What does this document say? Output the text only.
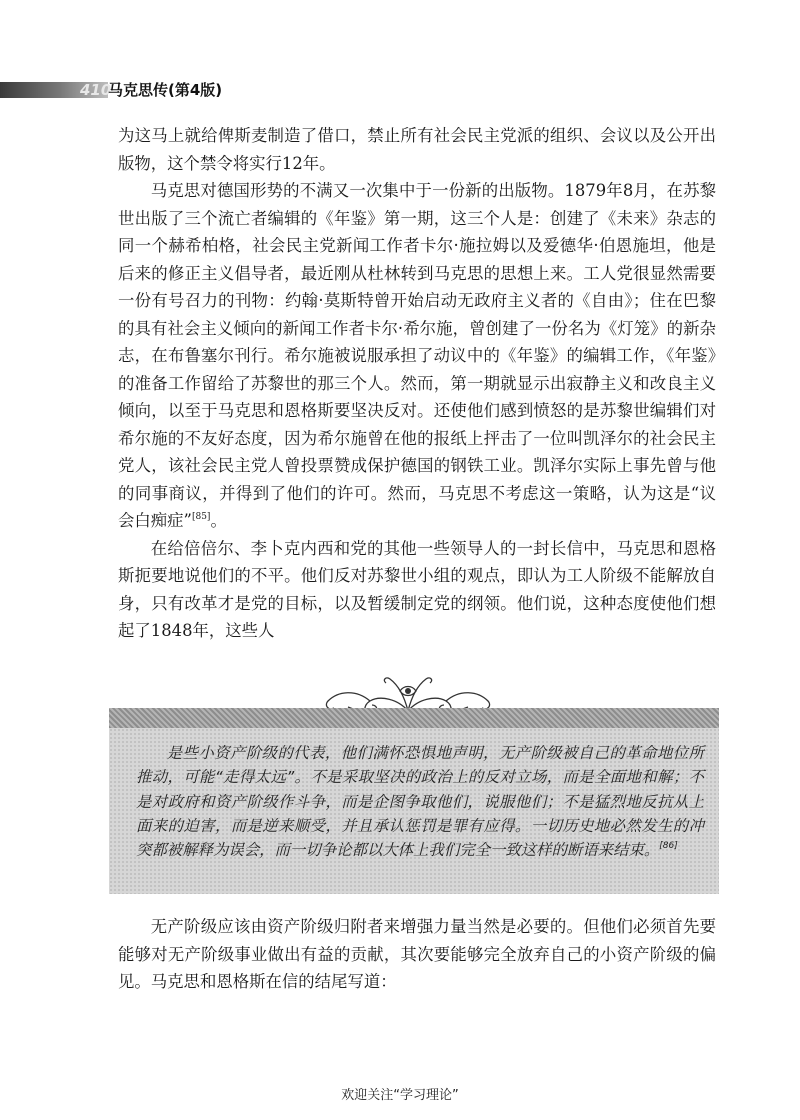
410
马克思传(第4版)

为这马上就给俾斯麦制造了借口，禁止所有社会民主党派的组织、会议以及公开出版物，这个禁令将实行12年。

马克思对德国形势的不满又一次集中于一份新的出版物。1879年8月，在苏黎世出版了三个流亡者编辑的《年鉴》第一期，这三个人是：创建了《未来》杂志的同一个赫希柏格，社会民主党新闻工作者卡尔·施拉姆以及爱德华·伯恩施坦，他是后来的修正主义倡导者，最近刚从杜林转到马克思的思想上来。工人党很显然需要一份有号召力的刊物：约翰·莫斯特曾开始启动无政府主义者的《自由》；住在巴黎的具有社会主义倾向的新闻工作者卡尔·希尔施，曾创建了一份名为《灯笼》的新杂志，在布鲁塞尔刊行。希尔施被说服承担了动议中的《年鉴》的编辑工作，《年鉴》的准备工作留给了苏黎世的那三个人。然而，第一期就显示出寂静主义和改良主义倾向，以至于马克思和恩格斯要坚决反对。还使他们感到愤怒的是苏黎世编辑们对希尔施的不友好态度，因为希尔施曾在他的报纸上抨击了一位叫凯泽尔的社会民主党人，该社会民主党人曾投票赞成保护德国的钢铁工业。凯泽尔实际上事先曾与他的同事商议，并得到了他们的许可。然而，马克思不考虑这一策略，认为这是“议会白痴症”[85]。

在给倍倍尔、李卜克内西和党的其他一些领导人的一封长信中，马克思和恩格斯扼要地说他们的不平。他们反对苏黎世小组的观点，即认为工人阶级不能解放自身，只有改革才是党的目标，以及暂缓制定党的纲领。他们说，这种态度使他们想起了1848年，这些人

是些小资产阶级的代表，他们满怀恐惧地声明，无产阶级被自己的革命地位所推动，可能“走得太远”。不是采取坚决的政治上的反对立场，而是全面地和解；不是对政府和资产阶级作斗争，而是企图争取他们，说服他们；不是猛烈地反抗从上面来的迫害，而是逆来顺受，并且承认惩罚是罪有应得。一切历史地必然发生的冲突都被解释为误会，而一切争论都以大体上我们完全一致这样的断语来结束。[86]

无产阶级应该由资产阶级归附者来增强力量当然是必要的。但他们必须首先要能够对无产阶级事业做出有益的贡献，其次要能够完全放弃自己的小资产阶级的偏见。马克思和恩格斯在信的结尾写道：

欢迎关注“学习理论”
